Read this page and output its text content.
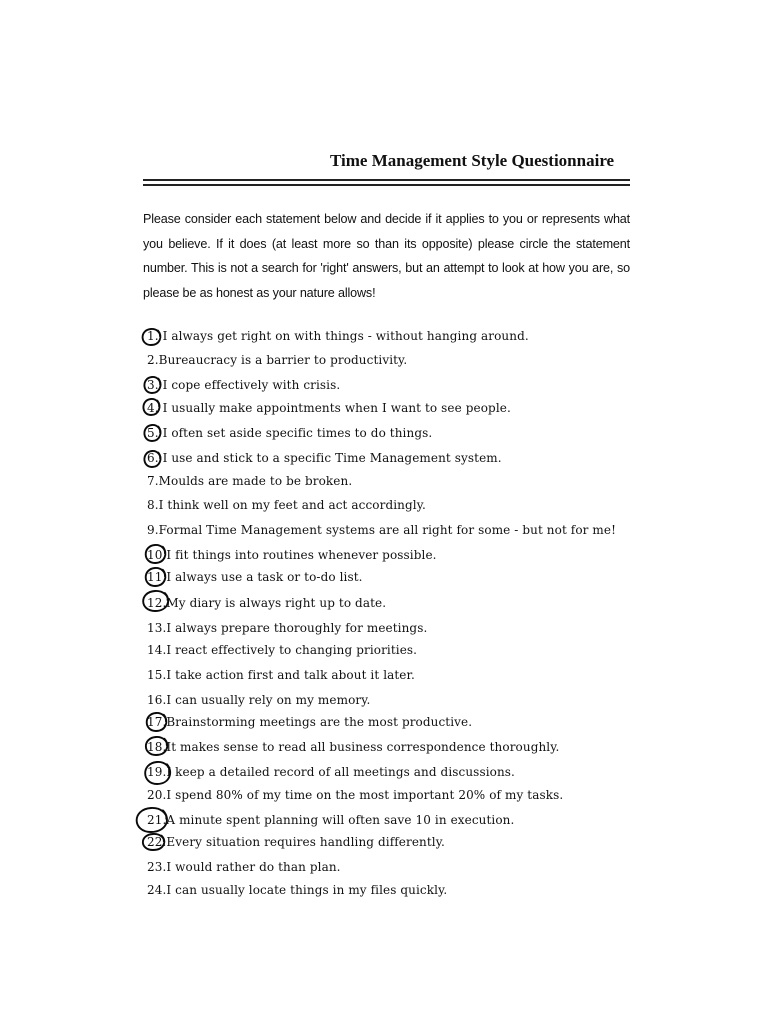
Time Management Style Questionnaire
Please consider each statement below and decide if it applies to you or represents what you believe. If it does (at least more so than its opposite) please circle the statement number. This is not a search for 'right' answers, but an attempt to look at how you are, so please be as honest as your nature allows!
1. I always get right on with things - without hanging around.
2.Bureaucracy is a barrier to productivity.
3. I cope effectively with crisis.
4. I usually make appointments when I want to see people.
5. I often set aside specific times to do things.
6. I use and stick to a specific Time Management system.
7.Moulds are made to be broken.
8.I think well on my feet and act accordingly.
9.Formal Time Management systems are all right for some - but not for me!
10.I fit things into routines whenever possible.
11.I always use a task or to-do list.
12.My diary is always right up to date.
13.I always prepare thoroughly for meetings.
14.I react effectively to changing priorities.
15.I take action first and talk about it later.
16.I can usually rely on my memory.
17.Brainstorming meetings are the most productive.
18.It makes sense to read all business correspondence thoroughly.
19.I keep a detailed record of all meetings and discussions.
20.I spend 80% of my time on the most important 20% of my tasks.
21.A minute spent planning will often save 10 in execution.
22.Every situation requires handling differently.
23.I would rather do than plan.
24.I can usually locate things in my files quickly.
